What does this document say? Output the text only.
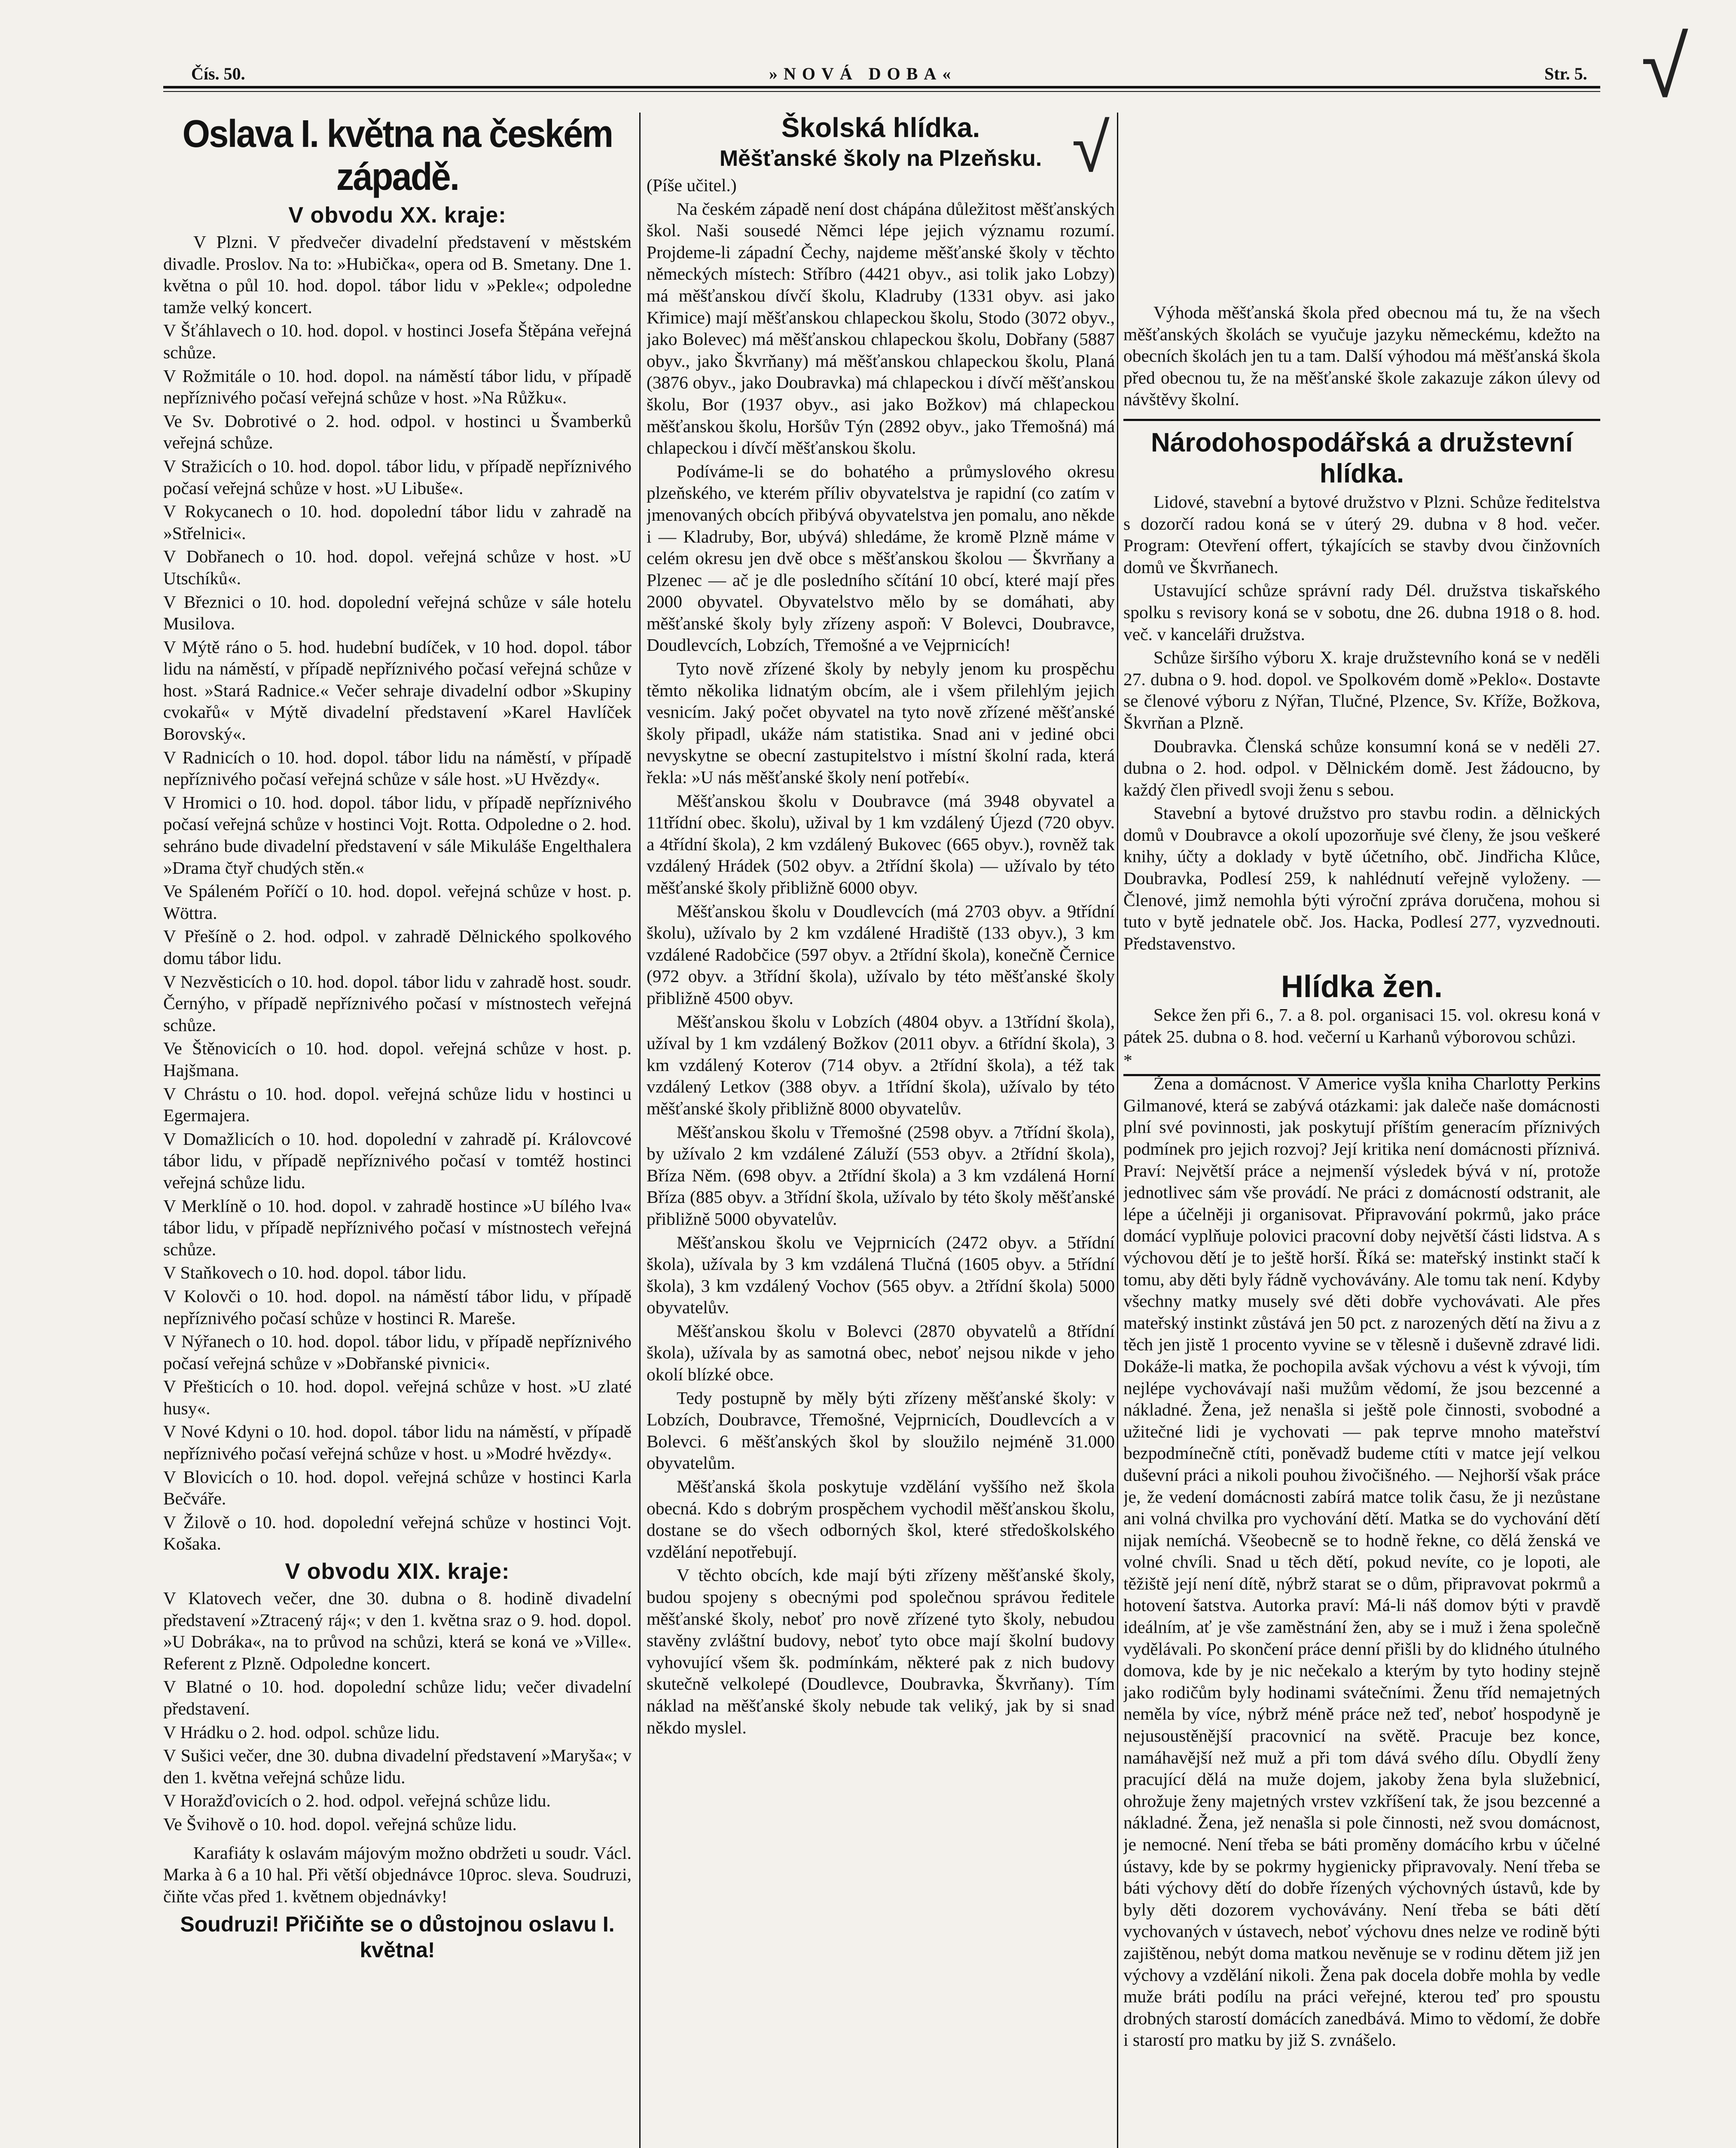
Čís. 50.	»NOVÁ DOBA«	Str. 5. √
√
Oslava I. května na českém západě.
V obvodu XX. kraje:

V Plzni. V předvečer divadelní představení v městském divadle. Proslov. Na to: »Hubička«, opera od B. Smetany. Dne 1. května o půl 10. hod. dopol. tábor lidu v »Pekle«; odpoledne tamže velký koncert.

V Šťáhlavech o 10. hod. dopol. v hostinci Josefa Štěpána veřejná schůze.

V Rožmitále o 10. hod. dopol. na náměstí tábor lidu, v případě nepříznivého počasí veřejná schůze v host. »Na Růžku«.

Ve Sv. Dobrotivé o 2. hod. odpol. v hostinci u Švamberků veřejná schůze.

V Stražicích o 10. hod. dopol. tábor lidu, v případě nepříznivého počasí veřejná schůze v host. »U Libuše«.

V Rokycanech o 10. hod. dopolední tábor lidu v zahradě na »Střelnici«.

V Dobřanech o 10. hod. dopol. veřejná schůze v host. »U Utschíků«.

V Březnici o 10. hod. dopolední veřejná schůze v sále hotelu Musilova.

V Mýtě ráno o 5. hod. hudební budíček, v 10 hod. dopol. tábor lidu na náměstí, v případě nepříznivého počasí veřejná schůze v host. »Stará Radnice.« Večer sehraje divadelní odbor »Skupiny cvokařů« v Mýtě divadelní představení »Karel Havlíček Borovský«.

V Radnicích o 10. hod. dopol. tábor lidu na náměstí, v případě nepříznivého počasí veřejná schůze v sále host. »U Hvězdy«.

V Hromici o 10. hod. dopol. tábor lidu, v případě nepříznivého počasí veřejná schůze v hostinci Vojt. Rotta. Odpoledne o 2. hod. sehráno bude divadelní představení v sále Mikuláše Engelthalera »Drama čtyř chudých stěn.«

Ve Spáleném Poříčí o 10. hod. dopol. veřejná schůze v host. p. Wöttra.

V Přešíně o 2. hod. odpol. v zahradě Dělnického spolkového domu tábor lidu.

V Nezvěsticích o 10. hod. dopol. tábor lidu v zahradě host. soudr. Černýho, v případě nepříznivého počasí v místnostech veřejná schůze.

Ve Štěnovicích o 10. hod. dopol. veřejná schůze v host. p. Hajšmana.

V Chrástu o 10. hod. dopol. veřejná schůze lidu v hostinci u Egermajera.

V Domažlicích o 10. hod. dopolední v zahradě pí. Královcové tábor lidu, v případě nepříznivého počasí v tomtéž hostinci veřejná schůze lidu.

V Merklíně o 10. hod. dopol. v zahradě hostince »U bílého lva« tábor lidu, v případě nepříznivého počasí v místnostech veřejná schůze.

V Staňkovech o 10. hod. dopol. tábor lidu.

V Kolovči o 10. hod. dopol. na náměstí tábor lidu, v případě nepříznivého počasí schůze v hostinci R. Mareše.

V Nýřanech o 10. hod. dopol. tábor lidu, v případě nepříznivého počasí veřejná schůze v »Dobřanské pivnici«.

V Přešticích o 10. hod. dopol. veřejná schůze v host. »U zlaté husy«.

V Nové Kdyni o 10. hod. dopol. tábor lidu na náměstí, v případě nepříznivého počasí veřejná schůze v host. u »Modré hvězdy«.

V Blovicích o 10. hod. dopol. veřejná schůze v hostinci Karla Bečváře.

V Žilově o 10. hod. dopolední veřejná schůze v hostinci Vojt. Košaka.

V obvodu XIX. kraje:

V Klatovech večer, dne 30. dubna o 8. hodině divadelní představení »Ztracený ráj«; v den 1. května sraz o 9. hod. dopol. »U Dobráka«, na to průvod na schůzi, která se koná ve »Ville«. Referent z Plzně. Odpoledne koncert.

V Blatné o 10. hod. dopolední schůze lidu; večer divadelní představení.

V Hrádku o 2. hod. odpol. schůze lidu.

V Sušici večer, dne 30. dubna divadelní představení »Maryša«; v den 1. května veřejná schůze lidu.

V Horažďovicích o 2. hod. odpol. veřejná schůze lidu.

Ve Švihově o 10. hod. dopol. veřejná schůze lidu.

Karafiáty k oslavám májovým možno obdržeti u soudr. Václ. Marka à 6 a 10 hal. Při větší objednávce 10proc. sleva. Soudruzi, čiňte včas před 1. květnem objednávky!

Soudruzi! Přičiňte se o důstojnou oslavu I. května!
Školská hlídka.
Měšťanské školy na Plzeňsku.

(Píše učitel.)

Na českém západě není dost chápána důležitost měšťanských škol. Naši sousedé Němci lépe jejich významu rozumí. Projdeme-li západní Čechy, najdeme měšťanské školy v těchto německých místech: Stříbro (4421 obyv., asi tolik jako Lobzy) má měšťanskou dívčí školu, Kladruby (1331 obyv. asi jako Křimice) mají měšťanskou chlapeckou školu, Stodo (3072 obyv., jako Bolevec) má měšťanskou chlapeckou školu, Dobřany (5887 obyv., jako Škvrňany) má měšťanskou chlapeckou školu, Planá (3876 obyv., jako Doubravka) má chlapeckou i dívčí měšťanskou školu, Bor (1937 obyv., asi jako Božkov) má chlapeckou měšťanskou školu, Horšův Týn (2892 obyv., jako Třemošná) má chlapeckou i dívčí měšťanskou školu.

Podíváme-li se do bohatého a průmyslového okresu plzeňského, ve kterém příliv obyvatelstva je rapidní (co zatím v jmenovaných obcích přibývá obyvatelstva jen pomalu, ano někde i — Kladruby, Bor, ubývá) shledáme, že kromě Plzně máme v celém okresu jen dvě obce s měšťanskou školou — Škvrňany a Plzenec — ač je dle posledního sčítání 10 obcí, které mají přes 2000 obyvatel. Obyvatelstvo mělo by se domáhati, aby měšťanské školy byly zřízeny aspoň: V Bolevci, Doubravce, Doudlevcích, Lobzích, Třemošné a ve Vejprnicích!

Tyto nově zřízené školy by nebyly jenom ku prospěchu těmto několika lidnatým obcím, ale i všem přilehlým jejich vesnicím. Jaký počet obyvatel na tyto nově zřízené měšťanské školy připadl, ukáže nám statistika. Snad ani v jediné obci nevyskytne se obecní zastupitelstvo i místní školní rada, která řekla: »U nás měšťanské školy není potřebí«.

Měšťanskou školu v Doubravce (má 3948 obyvatel a 11třídní obec. školu), užival by 1 km vzdálený Újezd (720 obyv. a 4třídní škola), 2 km vzdálený Bukovec (665 obyv.), rovněž tak vzdálený Hrádek (502 obyv. a 2třídní škola) — užívalo by této měšťanské školy přibližně 6000 obyv.

Měšťanskou školu v Doudlevcích (má 2703 obyv. a 9třídní školu), užívalo by 2 km vzdálené Hradiště (133 obyv.), 3 km vzdálené Radobčice (597 obyv. a 2třídní škola), konečně Černice (972 obyv. a 3třídní škola), užívalo by této měšťanské školy přibližně 4500 obyv.

Měšťanskou školu v Lobzích (4804 obyv. a 13třídní škola), užíval by 1 km vzdálený Božkov (2011 obyv. a 6třídní škola), 3 km vzdálený Koterov (714 obyv. a 2třídní škola), a též tak vzdálený Letkov (388 obyv. a 1třídní škola), užívalo by této měšťanské školy přibližně 8000 obyvatelův.

Měšťanskou školu v Třemošné (2598 obyv. a 7třídní škola), by užívalo 2 km vzdálené Záluží (553 obyv. a 2třídní škola), Bříza Něm. (698 obyv. a 2třídní škola) a 3 km vzdálená Horní Bříza (885 obyv. a 3třídní škola, užívalo by této školy měšťanské přibližně 5000 obyvatelův.

Měšťanskou školu ve Vejprnicích (2472 obyv. a 5třídní škola), užívala by 3 km vzdálená Tlučná (1605 obyv. a 5třídní škola), 3 km vzdálený Vochov (565 obyv. a 2třídní škola) 5000 obyvatelův.

Měšťanskou školu v Bolevci (2870 obyvatelů a 8třídní škola), užívala by as samotná obec, neboť nejsou nikde v jeho okolí blízké obce.

Tedy postupně by měly býti zřízeny měšťanské školy: v Lobzích, Doubravce, Třemošné, Vejprnicích, Doudlevcích a v Bolevci. 6 měšťanských škol by sloužilo nejméně 31.000 obyvatelům.

Měšťanská škola poskytuje vzdělání vyššího než škola obecná. Kdo s dobrým prospěchem vychodil měšťanskou školu, dostane se do všech odborných škol, které středoškolského vzdělání nepotřebují.

V těchto obcích, kde mají býti zřízeny měšťanské školy, budou spojeny s obecnými pod společnou správou ředitele měšťanské školy, neboť pro nově zřízené tyto školy, nebudou stavěny zvláštní budovy, neboť tyto obce mají školní budovy vyhovující všem šk. podmínkám, některé pak z nich budovy skutečně velkolepé (Doudlevce, Doubravka, Škvrňany). Tím náklad na měšťanské školy nebude tak veliký, jak by si snad někdo myslel.

Výhoda měšťanská škola před obecnou má tu, že na všech měšťanských školách se vyučuje jazyku německému, kdežto na obecních školách jen tu a tam. Další výhodou má měšťanská škola před obecnou tu, že na měšťanské škole zakazuje zákon úlevy od návštěvy školní.

Národohospodářská a družstevní hlídka.

Lidové, stavební a bytové družstvo v Plzni. Schůze ředitelstva s dozorčí radou koná se v úterý 29. dubna v 8 hod. večer. Program: Otevření offert, týkajících se stavby dvou činžovních domů ve Škvrňanech.

Ustavující schůze správní rady Dél. družstva tiskařského spolku s revisory koná se v sobotu, dne 26. dubna 1918 o 8. hod. več. v kanceláři družstva.

Schůze širšího výboru X. kraje družstevního koná se v neděli 27. dubna o 9. hod. dopol. ve Spolkovém domě »Peklo«. Dostavte se členové výboru z Nýřan, Tlučné, Plzence, Sv. Kříže, Božkova, Škvrňan a Plzně.

Doubravka. Členská schůze konsumní koná se v neděli 27. dubna o 2. hod. odpol. v Dělnickém domě. Jest žádoucno, by každý člen přivedl svoji ženu s sebou.

Stavební a bytové družstvo pro stavbu rodin. a dělnických domů v Doubravce a okolí upozorňuje své členy, že jsou veškeré knihy, účty a doklady v bytě účetního, obč. Jindřicha Klůce, Doubravka, Podlesí 259, k nahlédnutí veřejně vyloženy. — Členové, jimž nemohla býti výroční zpráva doručena, mohou si tuto v bytě jednatele obč. Jos. Hacka, Podlesí 277, vyzvednouti. Představenstvo.

Hlídka žen.

Sekce žen při 6., 7. a 8. pol. organisaci 15. vol. okresu koná v pátek 25. dubna o 8. hod. večerní u Karhanů výborovou schůzi.

*

Žena a domácnost. V Americe vyšla kniha Charlotty Perkins Gilmanové, která se zabývá otázkami: jak daleče naše domácnosti plní své povinnosti, jak poskytují příštím generacím příznivých podmínek pro jejich rozvoj? Její kritika není domácnosti příznivá. Praví: Největší práce a nejmenší výsledek bývá v ní, protože jednotlivec sám vše provádí. Ne práci z domácností odstranit, ale lépe a účelněji ji organisovat. Připravování pokrmů, jako práce domácí vyplňuje polovici pracovní doby největší části lidstva. A s výchovou dětí je to ještě horší. Říká se: mateřský instinkt stačí k tomu, aby děti byly řádně vychovávány. Ale tomu tak není. Kdyby všechny matky musely své děti dobře vychovávati. Ale přes mateřský instinkt zůstává jen 50 pct. z narozených dětí na živu a z těch jen jistě 1 procento vyvine se v tělesně i duševně zdravé lidi. Dokáže-li matka, že pochopila avšak výchovu a vést k vývoji, tím nejlépe vychovávají naši mužům vědomí, že jsou bezcenné a nákladné. Žena, jež nenašla si ještě pole činnosti, svobodné a užitečné lidi je vychovati — pak teprve mnoho mateřství bezpodmínečně ctíti, poněvadž budeme ctíti v matce její velkou duševní práci a nikoli pouhou živočišného. — Nejhorší však práce je, že vedení domácnosti zabírá matce tolik času, že ji nezůstane ani volná chvilka pro vychování dětí. Matka se do vychování dětí nijak nemíchá. Všeobecně se to hodně řekne, co dělá ženská ve volné chvíli. Snad u těch dětí, pokud nevíte, co je lopoti, ale těžiště její není dítě, nýbrž starat se o dům, připravovat pokrmů a hotovení šatstva. Autorka praví: Má-li náš domov býti v pravdě ideálním, ať je vše zaměstnání žen, aby se i muž i žena společně vydělávali. Po skončení práce denní přišli by do klidného útulného domova, kde by je nic nečekalo a kterým by tyto hodiny stejně jako rodičům byly hodinami svátečními. Ženu tříd nemajetných neměla by více, nýbrž méně práce než teď, neboť hospodyně je nejusoustěnější pracovnicí na světě. Pracuje bez konce, namáhavější než muž a při tom dává svého dílu. Obydlí ženy pracující dělá na muže dojem, jakoby žena byla služebnicí, ohrožuje ženy majetných vrstev vzkříšení tak, že jsou bezcenné a nákladné. Žena, jež nenašla si pole činnosti, než svou domácnost, je nemocné. Není třeba se báti proměny domácího krbu v účelné ústavy, kde by se pokrmy hygienicky připravovaly. Není třeba se báti výchovy dětí do dobře řízených výchovných ústavů, kde by byly děti dozorem vychovávány. Není třeba se báti dětí vychovaných v ústavech, neboť výchovu dnes nelze ve rodině býti zajištěnou, nebýt doma matkou nevěnuje se v rodinu dětem již jen výchovy a vzdělání nikoli. Žena pak docela dobře mohla by vedle muže bráti podílu na práci veřejné, kterou teď pro spoustu drobných starostí domácích zanedbává. Mimo to vědomí, že dobře i starostí pro matku by již S. zvnášelo.
